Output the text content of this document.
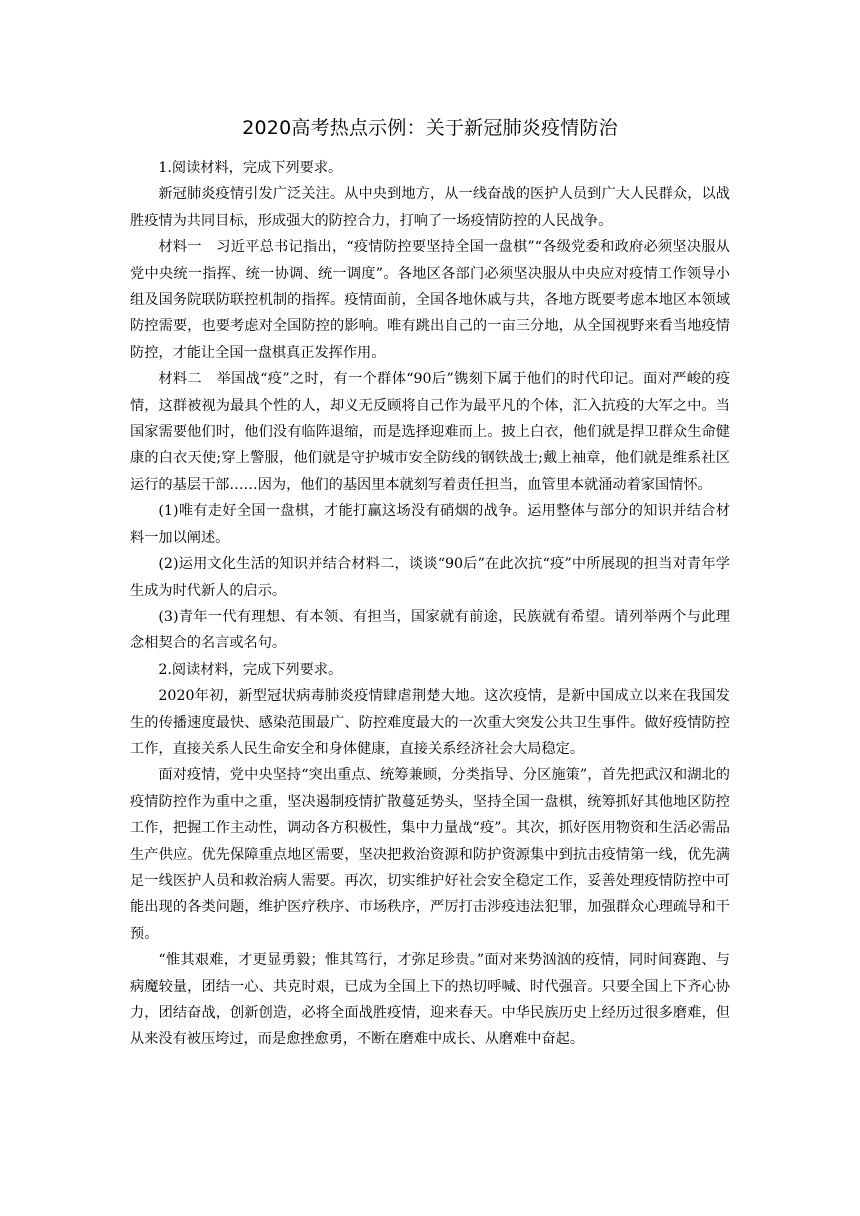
2020高考热点示例：关于新冠肺炎疫情防治

1.阅读材料，完成下列要求。

新冠肺炎疫情引发广泛关注。从中央到地方，从一线奋战的医护人员到广大人民群众，以战胜疫情为共同目标，形成强大的防控合力，打响了一场疫情防控的人民战争。

材料一　习近平总书记指出，“疫情防控要坚持全国一盘棋”“各级党委和政府必须坚决服从党中央统一指挥、统一协调、统一调度”。各地区各部门必须坚决服从中央应对疫情工作领导小组及国务院联防联控机制的指挥。疫情面前，全国各地休戚与共，各地方既要考虑本地区本领域防控需要，也要考虑对全国防控的影响。唯有跳出自己的一亩三分地，从全国视野来看当地疫情防控，才能让全国一盘棋真正发挥作用。

材料二　举国战“疫”之时，有一个群体“90后”镌刻下属于他们的时代印记。面对严峻的疫情，这群被视为最具个性的人，却义无反顾将自己作为最平凡的个体，汇入抗疫的大军之中。当国家需要他们时，他们没有临阵退缩，而是选择迎难而上。披上白衣，他们就是捍卫群众生命健康的白衣天使;穿上警服，他们就是守护城市安全防线的钢铁战士;戴上袖章，他们就是维系社区运行的基层干部……因为，他们的基因里本就刻写着责任担当，血管里本就涌动着家国情怀。

(1)唯有走好全国一盘棋，才能打赢这场没有硝烟的战争。运用整体与部分的知识并结合材料一加以阐述。

(2)运用文化生活的知识并结合材料二，谈谈“90后”在此次抗“疫”中所展现的担当对青年学生成为时代新人的启示。

(3)青年一代有理想、有本领、有担当，国家就有前途，民族就有希望。请列举两个与此理念相契合的名言或名句。

2.阅读材料，完成下列要求。

2020年初，新型冠状病毒肺炎疫情肆虐荆楚大地。这次疫情，是新中国成立以来在我国发生的传播速度最快、感染范围最广、防控难度最大的一次重大突发公共卫生事件。做好疫情防控工作，直接关系人民生命安全和身体健康，直接关系经济社会大局稳定。

面对疫情，党中央坚持“突出重点、统筹兼顾，分类指导、分区施策”，首先把武汉和湖北的疫情防控作为重中之重，坚决遏制疫情扩散蔓延势头，坚持全国一盘棋，统筹抓好其他地区防控工作，把握工作主动性，调动各方积极性，集中力量战“疫”。其次，抓好医用物资和生活必需品生产供应。优先保障重点地区需要，坚决把救治资源和防护资源集中到抗击疫情第一线，优先满足一线医护人员和救治病人需要。再次，切实维护好社会安全稳定工作，妥善处理疫情防控中可能出现的各类问题，维护医疗秩序、市场秩序，严厉打击涉疫违法犯罪，加强群众心理疏导和干预。

“惟其艰难，才更显勇毅；惟其笃行，才弥足珍贵。”面对来势汹汹的疫情，同时间赛跑、与病魔较量，团结一心、共克时艰，已成为全国上下的热切呼喊、时代强音。只要全国上下齐心协力，团结奋战，创新创造，必将全面战胜疫情，迎来春天。中华民族历史上经历过很多磨难，但从来没有被压垮过，而是愈挫愈勇，不断在磨难中成长、从磨难中奋起。
